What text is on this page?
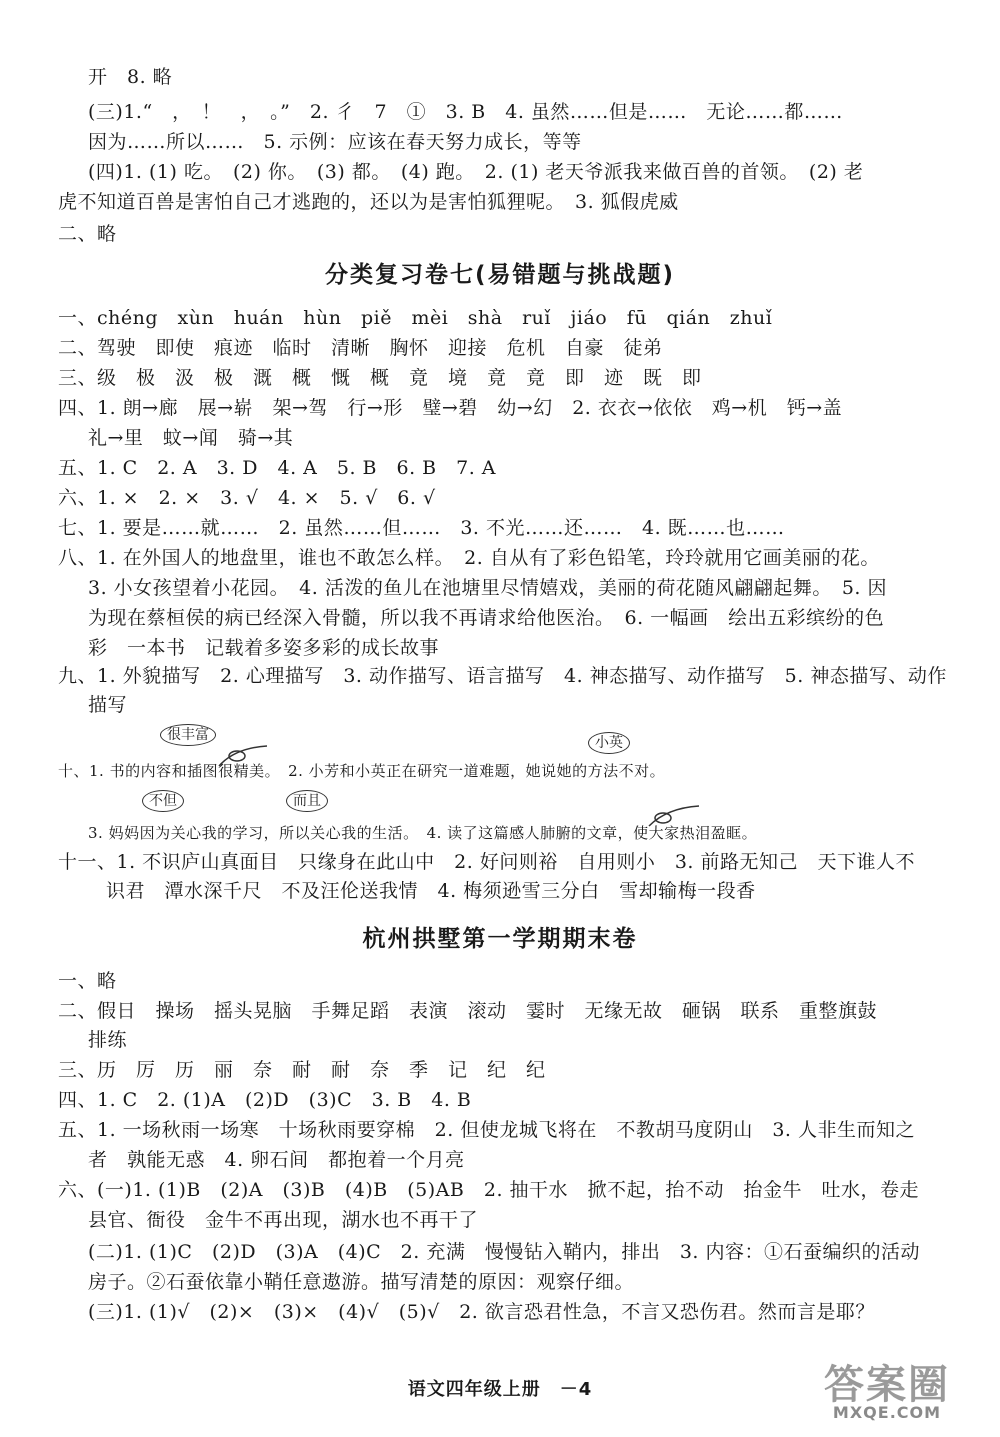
开　8. 略
(三)1.“　，　！　，　。”　2. 彳　7　①　3. B　4. 虽然……但是……　无论……都……
因为……所以……　5. 示例：应该在春天努力成长，等等
(四)1. (1) 吃。　(2) 你。　(3) 都。　(4) 跑。　2. (1) 老天爷派我来做百兽的首领。　(2) 老
虎不知道百兽是害怕自己才逃跑的，还以为是害怕狐狸呢。　3. 狐假虎威
二、略
分类复习卷七(易错题与挑战题)
一、chéng　xùn　huán　hùn　piě　mèi　shà　ruǐ　jiáo　fū　qián　zhuǐ
二、驾驶　即使　痕迹　临时　清晰　胸怀　迎接　危机　自豪　徒弟
三、级　极　汲　极　溉　概　慨　概　竟　境　竟　竟　即　迹　既　即
四、1. 朗→廊　展→崭　架→驾　行→形　璧→碧　幼→幻　2. 衣衣→依依　鸡→机　钙→盖
礼→里　蚊→闻　骑→其
五、1. C　2. A　3. D　4. A　5. B　6. B　7. A
六、1. ×　2. ×　3. √　4. ×　5. √　6. √
七、1. 要是……就……　2. 虽然……但……　3. 不光……还……　4. 既……也……
八、1. 在外国人的地盘里，谁也不敢怎么样。　2. 自从有了彩色铅笔，玲玲就用它画美丽的花。
3. 小女孩望着小花园。　4. 活泼的鱼儿在池塘里尽情嬉戏，美丽的荷花随风翩翩起舞。　5. 因
为现在蔡桓侯的病已经深入骨髓，所以我不再请求给他医治。　6. 一幅画　绘出五彩缤纷的色
彩　一本书　记载着多姿多彩的成长故事
九、1. 外貌描写　2. 心理描写　3. 动作描写、语言描写　4. 神态描写、动作描写　5. 神态描写、动作
描写
很丰富	小英
十、1. 书的内容和插图很精美。　2. 小芳和小英正在研究一道难题，她说她的方法不对。
不但	而且
3. 妈妈因为关心我的学习，所以关心我的生活。　4. 读了这篇感人肺腑的文章，使大家热泪盈眶。
十一、1. 不识庐山真面目　只缘身在此山中　2. 好问则裕　自用则小　3. 前路无知己　天下谁人不
识君　潭水深千尺　不及汪伦送我情　4. 梅须逊雪三分白　雪却输梅一段香
杭州拱墅第一学期期末卷
一、略
二、假日　操场　摇头晃脑　手舞足蹈　表演　滚动　霎时　无缘无故　砸锅　联系　重整旗鼓
排练
三、历　厉　历　丽　奈　耐　耐　奈　季　记　纪　纪
四、1. C　2. (1)A　(2)D　(3)C　3. B　4. B
五、1. 一场秋雨一场寒　十场秋雨要穿棉　2. 但使龙城飞将在　不教胡马度阴山　3. 人非生而知之
者　孰能无惑　4. 卵石间　都抱着一个月亮
六、(一)1. (1)B　(2)A　(3)B　(4)B　(5)AB　2. 抽干水　掀不起，抬不动　抬金牛　吐水，卷走
县官、衙役　金牛不再出现，湖水也不再干了
(二)1. (1)C　(2)D　(3)A　(4)C　2. 充满　慢慢钻入鞘内，排出　3. 内容：①石蚕编织的活动
房子。②石蚕依靠小鞘任意遨游。描写清楚的原因：观察仔细。
(三)1. (1)√　(2)×　(3)×　(4)√　(5)√　2. 欲言恐君性急，不言又恐伤君。然而言是耶？
语文四年级上册　－4	答案圈
MXQE.COM
